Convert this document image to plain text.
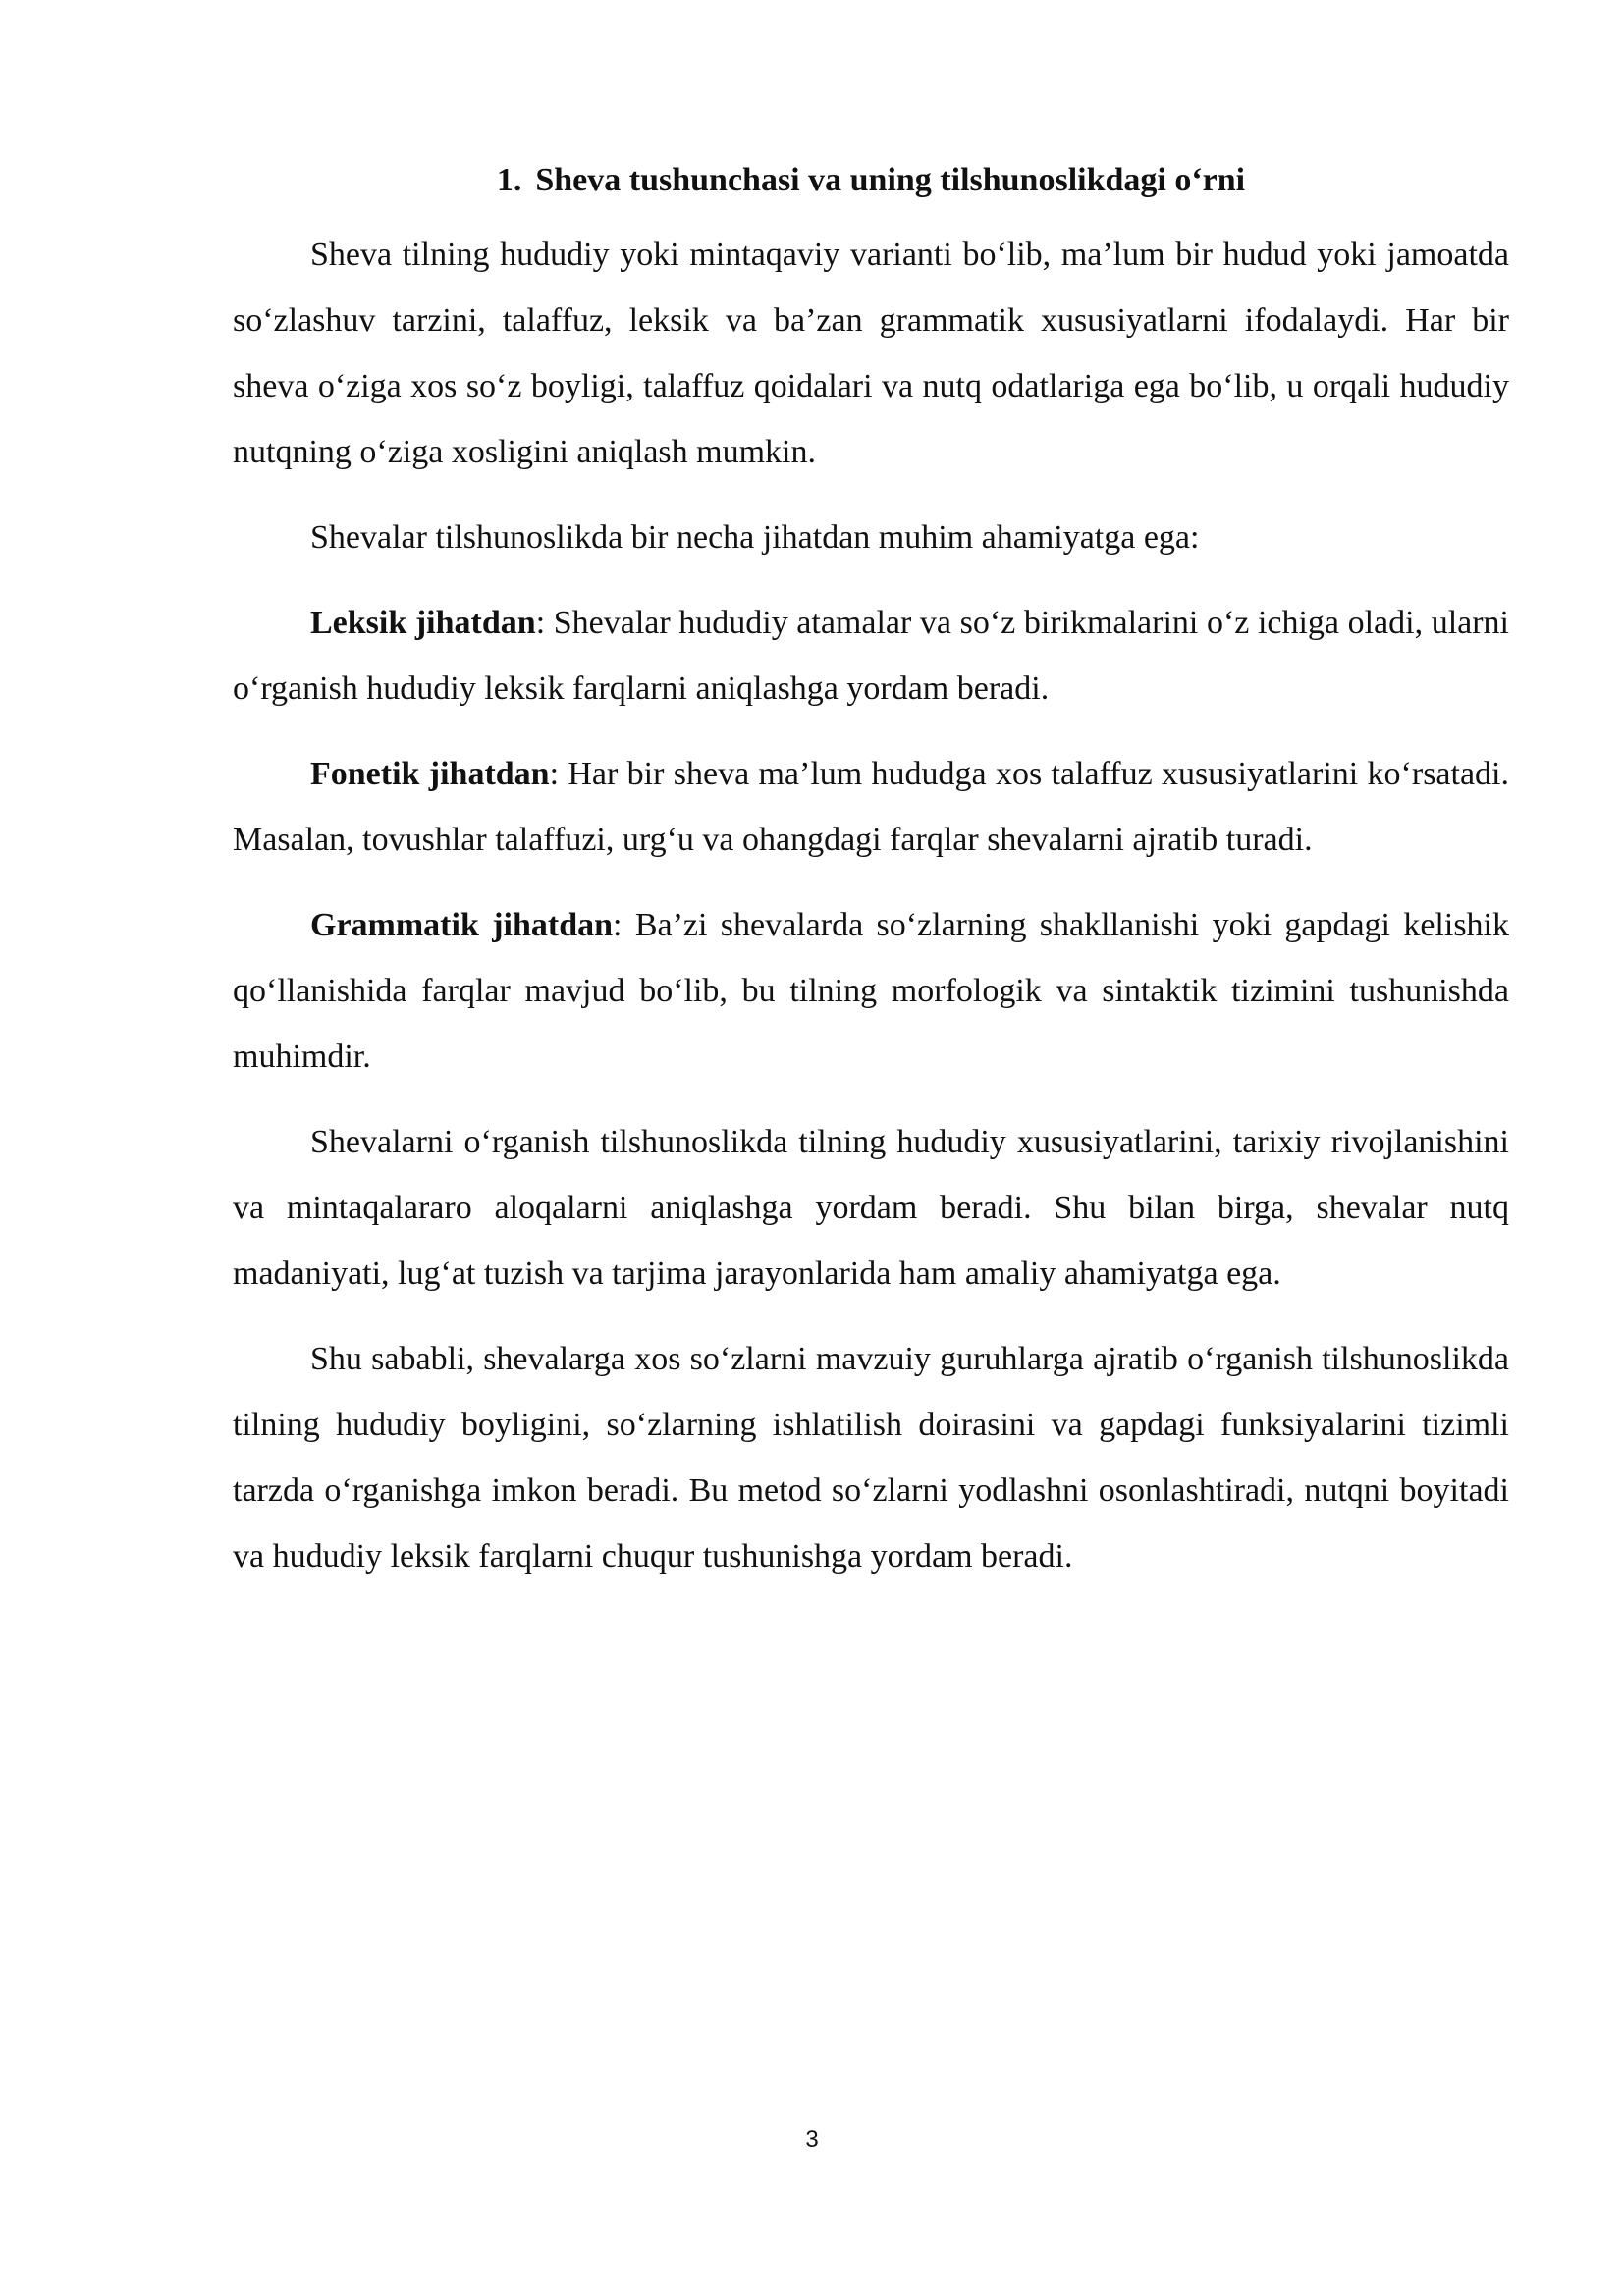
1. Sheva tushunchasi va uning tilshunoslikdagi o‘rni

Sheva tilning hududiy yoki mintaqaviy varianti bo‘lib, ma’lum bir hudud yoki jamoatda so‘zlashuv tarzini, talaffuz, leksik va ba’zan grammatik xususiyatlarni ifodalaydi. Har bir sheva o‘ziga xos so‘z boyligi, talaffuz qoidalari va nutq odatlariga ega bo‘lib, u orqali hududiy nutqning o‘ziga xosligini aniqlash mumkin.

Shevalar tilshunoslikda bir necha jihatdan muhim ahamiyatga ega:

Leksik jihatdan: Shevalar hududiy atamalar va so‘z birikmalarini o‘z ichiga oladi, ularni o‘rganish hududiy leksik farqlarni aniqlashga yordam beradi.

Fonetik jihatdan: Har bir sheva ma’lum hududga xos talaffuz xususiyatlarini ko‘rsatadi. Masalan, tovushlar talaffuzi, urg‘u va ohangdagi farqlar shevalarni ajratib turadi.

Grammatik jihatdan: Ba’zi shevalarda so‘zlarning shakllanishi yoki gapdagi kelishik qo‘llanishida farqlar mavjud bo‘lib, bu tilning morfologik va sintaktik tizimini tushunishda muhimdir.

Shevalarni o‘rganish tilshunoslikda tilning hududiy xususiyatlarini, tarixiy rivojlanishini va mintaqalararo aloqalarni aniqlashga yordam beradi. Shu bilan birga, shevalar nutq madaniyati, lug‘at tuzish va tarjima jarayonlarida ham amaliy ahamiyatga ega.

Shu sababli, shevalarga xos so‘zlarni mavzuiy guruhlarga ajratib o‘rganish tilshunoslikda tilning hududiy boyligini, so‘zlarning ishlatilish doirasini va gapdagi funksiyalarini tizimli tarzda o‘rganishga imkon beradi. Bu metod so‘zlarni yodlashni osonlashtiradi, nutqni boyitadi va hududiy leksik farqlarni chuqur tushunishga yordam beradi.

3
